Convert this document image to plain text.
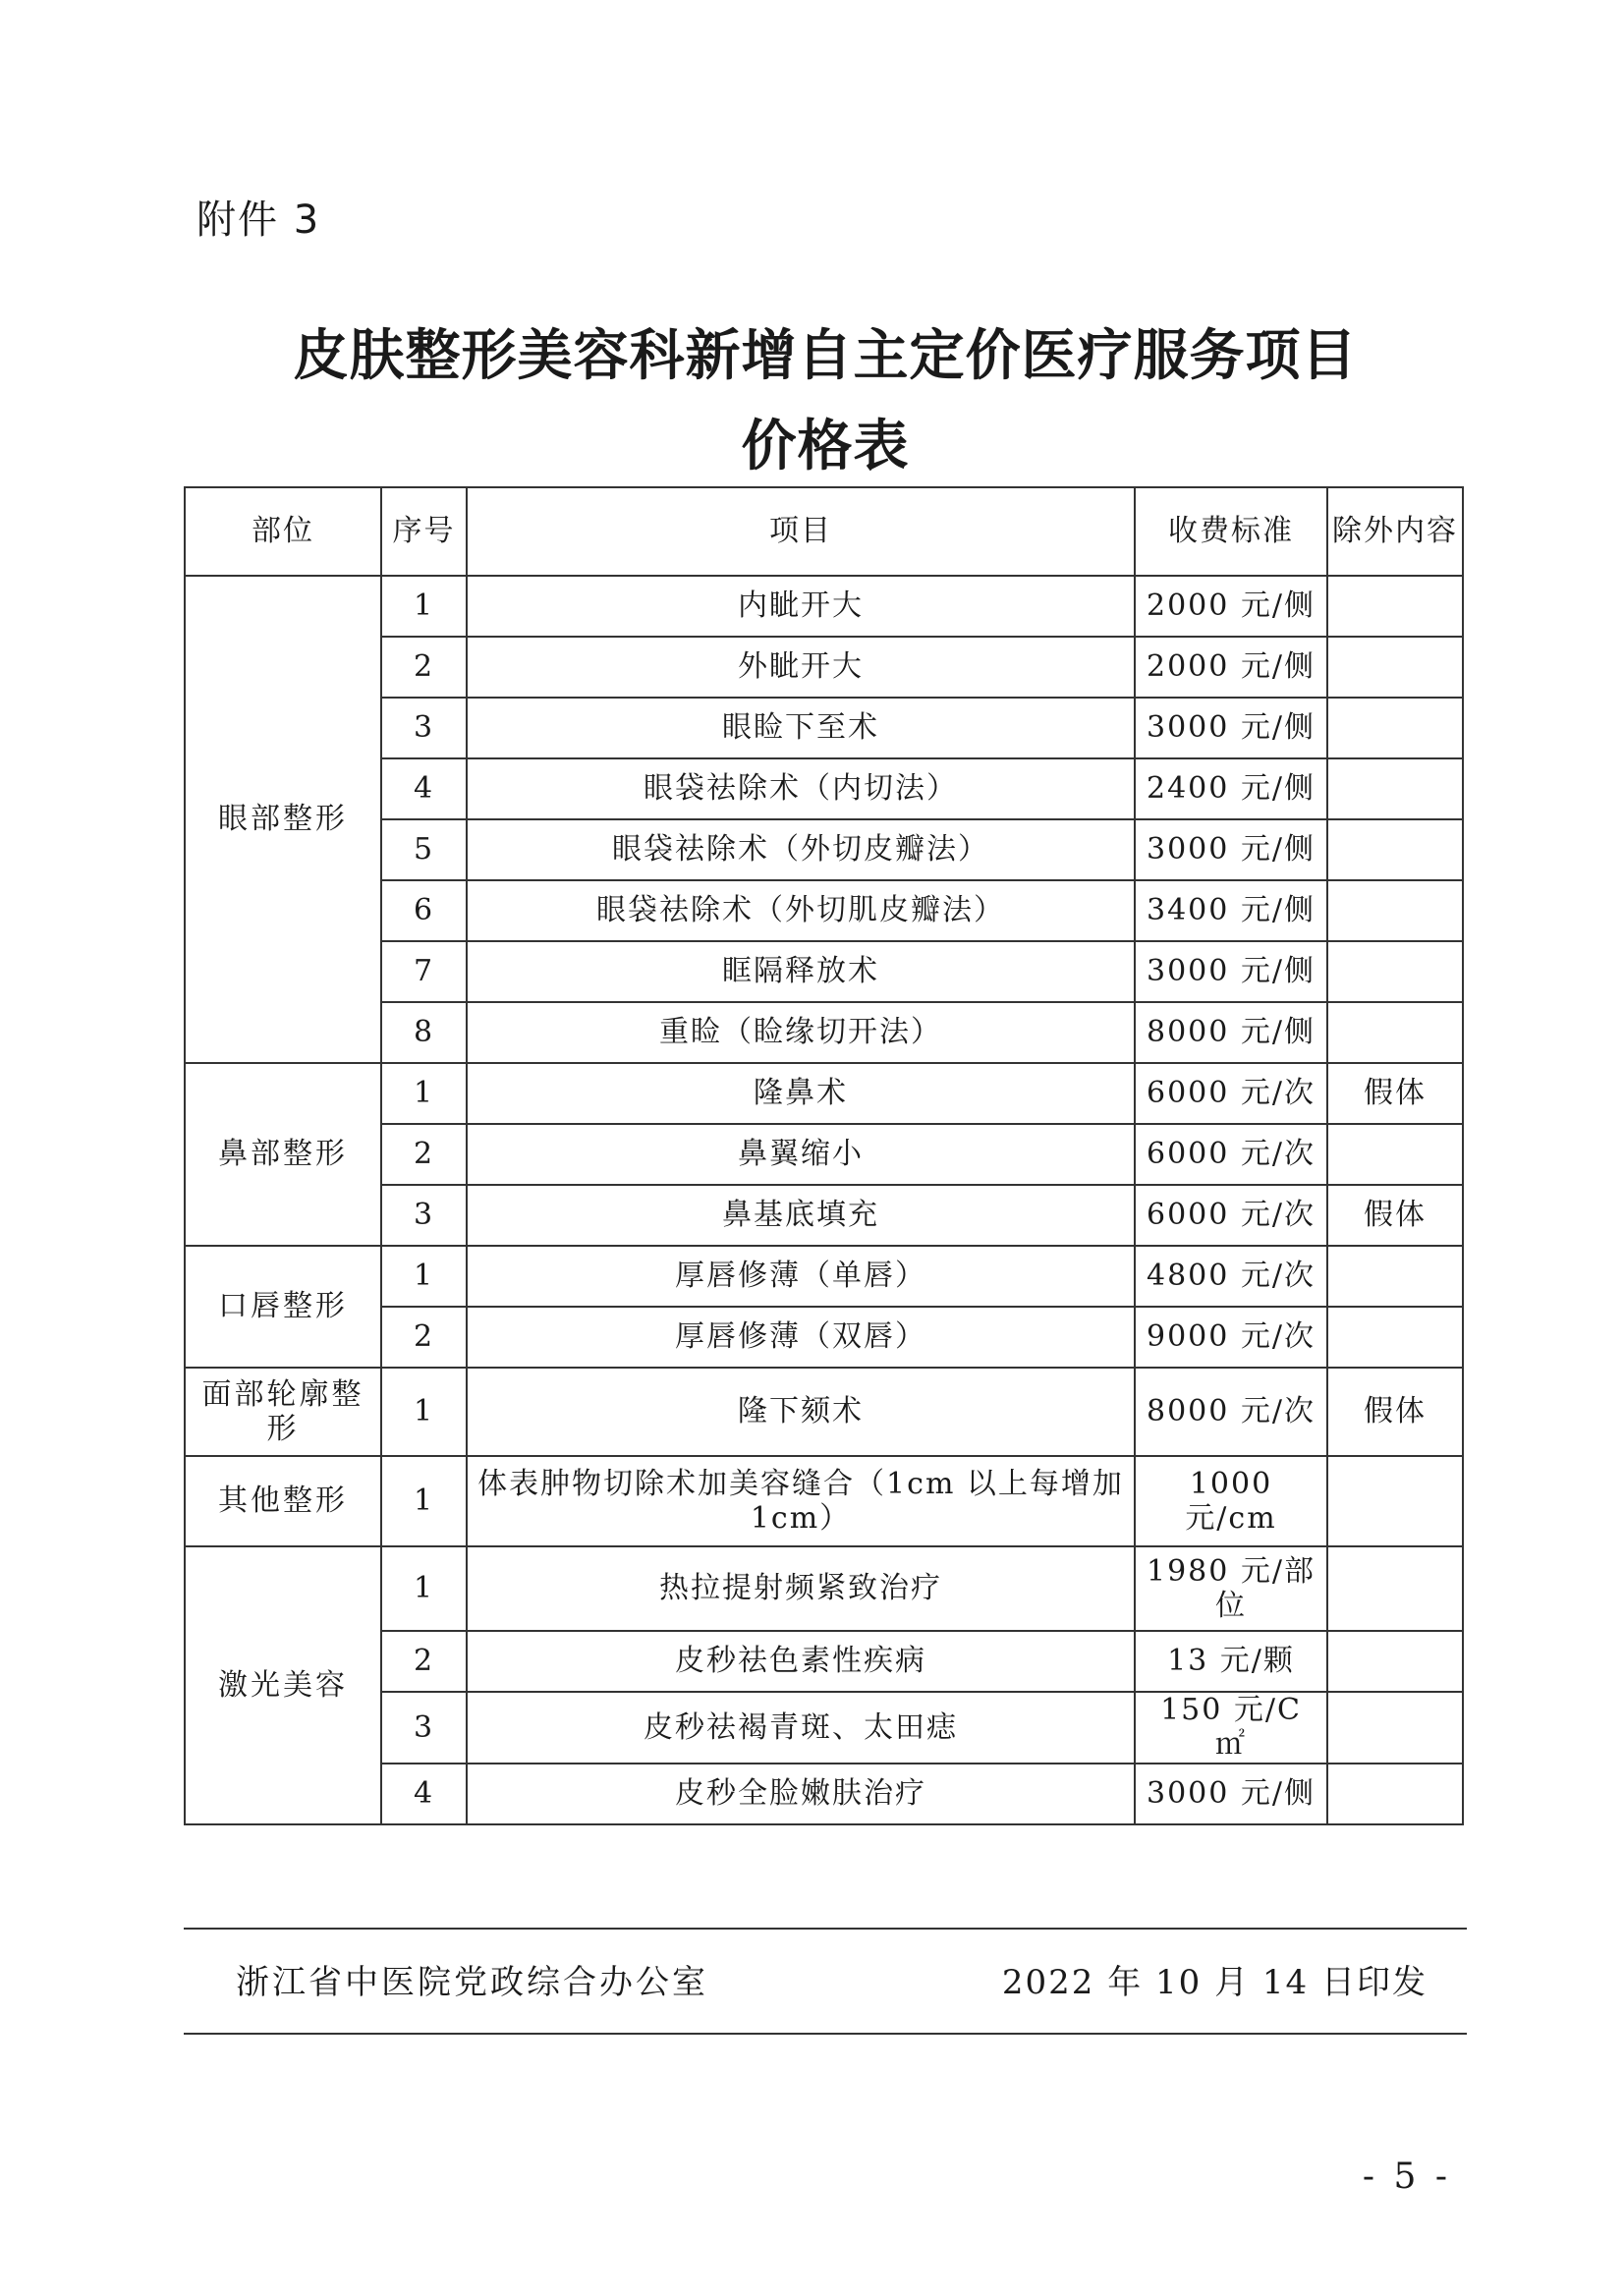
附件 3
皮肤整形美容科新增自主定价医疗服务项目
价格表
部位	序号	项目	收费标准	除外内容
眼部整形	1	内眦开大	2000 元/侧	
	2	外眦开大	2000 元/侧	
	3	眼睑下至术	3000 元/侧	
	4	眼袋祛除术（内切法）	2400 元/侧	
	5	眼袋祛除术（外切皮瓣法）	3000 元/侧	
	6	眼袋祛除术（外切肌皮瓣法）	3400 元/侧	
	7	眶隔释放术	3000 元/侧	
	8	重睑（睑缘切开法）	8000 元/侧	
鼻部整形	1	隆鼻术	6000 元/次	假体
	2	鼻翼缩小	6000 元/次	
	3	鼻基底填充	6000 元/次	假体
口唇整形	1	厚唇修薄（单唇）	4800 元/次	
	2	厚唇修薄（双唇）	9000 元/次	
面部轮廓整形	1	隆下颏术	8000 元/次	假体
其他整形	1	体表肿物切除术加美容缝合（1cm 以上每增加 1cm）	1000 元/cm	
激光美容	1	热拉提射频紧致治疗	1980 元/部位	
	2	皮秒祛色素性疾病	13 元/颗	
	3	皮秒祛褐青斑、太田痣	150 元/C ㎡	
	4	皮秒全脸嫩肤治疗	3000 元/侧	
浙江省中医院党政综合办公室	2022 年 10 月 14 日印发
- 5 -
